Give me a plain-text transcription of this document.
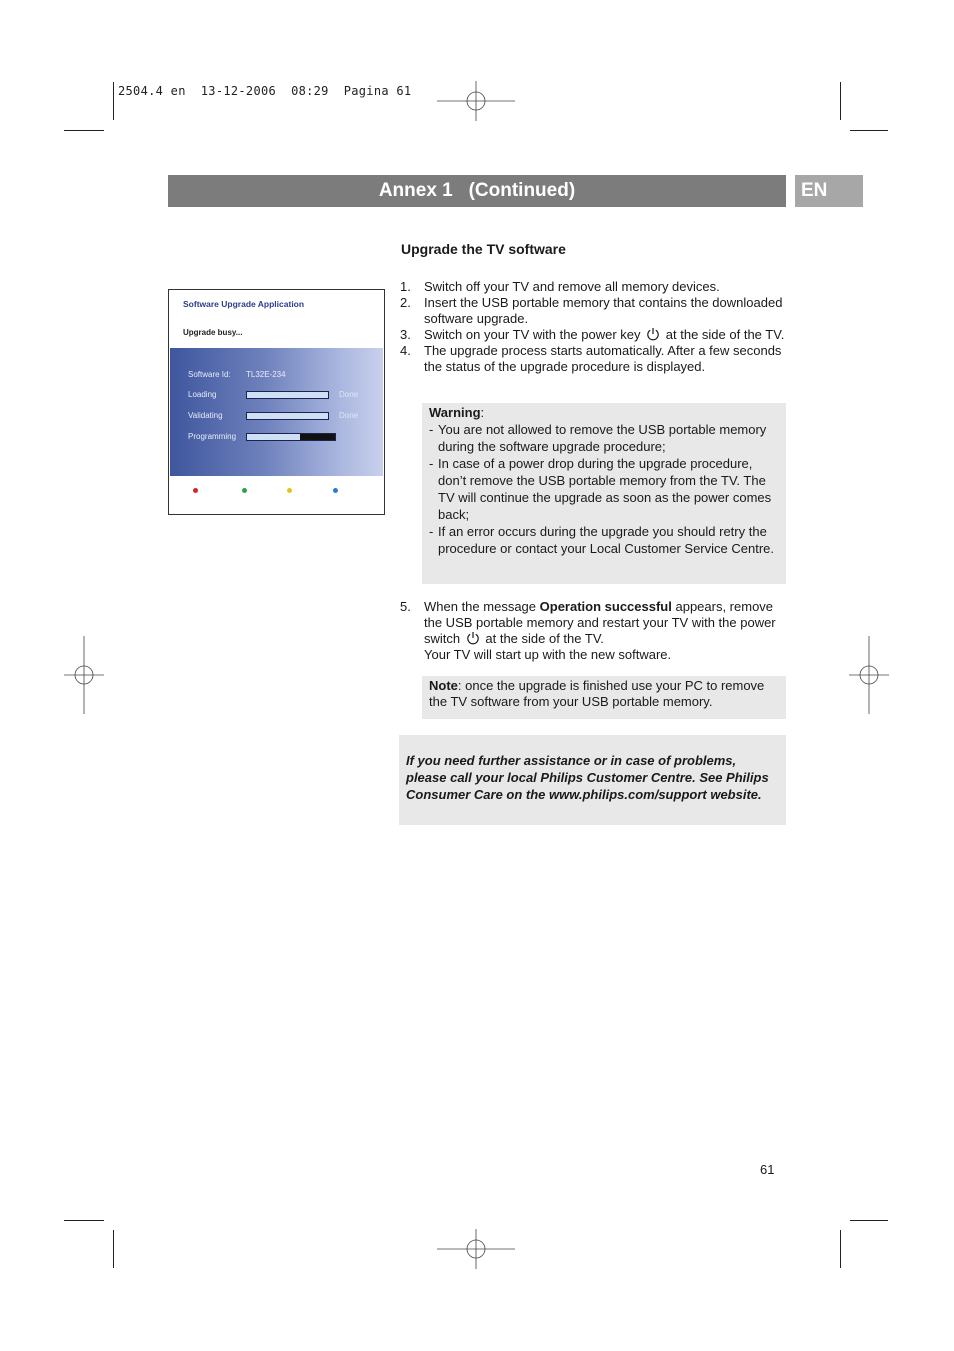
2504.4 en  13-12-2006  08:29  Pagina 61
Annex 1   (Continued)	EN
Software Upgrade Application
Upgrade busy...
Software Id: TL32E-234
Loading	Done
Validating	Done
Programming
Upgrade the TV software
1. Switch off your TV and remove all memory devices.
2. Insert the USB portable memory that contains the downloaded software upgrade.
3. Switch on your TV with the power key at the side of the TV.
4. The upgrade process starts automatically. After a few seconds the status of the upgrade procedure is displayed.
Warning:
- You are not allowed to remove the USB portable memory during the software upgrade procedure;
- In case of a power drop during the upgrade procedure, don’t remove the USB portable memory from the TV. The TV will continue the upgrade as soon as the power comes back;
- If an error occurs during the upgrade you should retry the procedure or contact your Local Customer Service Centre.
5. When the message Operation successful appears, remove the USB portable memory and restart your TV with the power switch at the side of the TV.
Your TV will start up with the new software.
Note: once the upgrade is finished use your PC to remove the TV software from your USB portable memory.
If you need further assistance or in case of problems, please call your local Philips Customer Centre. See Philips Consumer Care on the www.philips.com/support website.
61
